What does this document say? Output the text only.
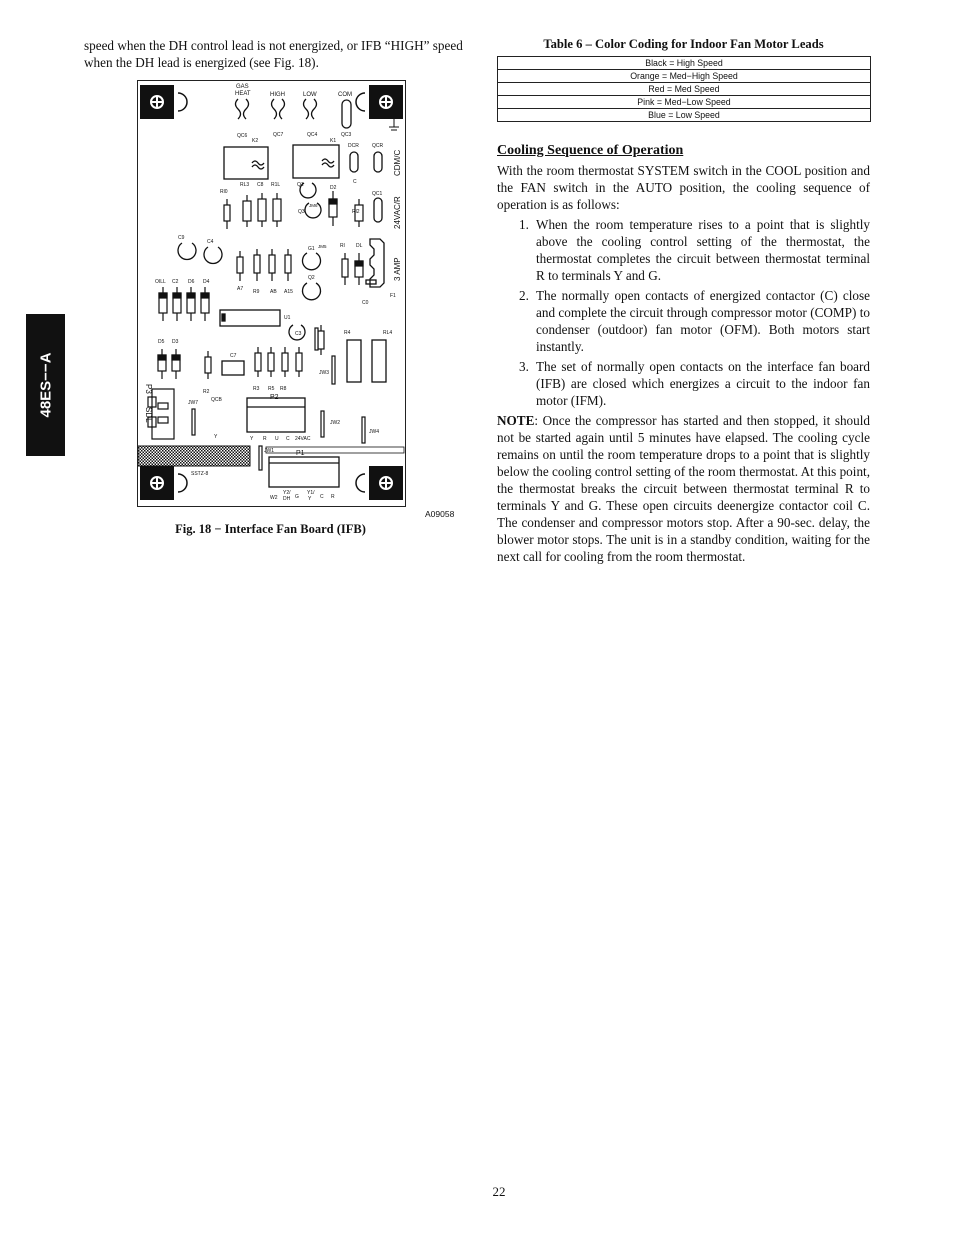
48ES−−A

speed when the DH control lead is not energized, or IFB “HIGH” speed when the DH lead is energized (see Fig. 18).

GAS
HEAT	HIGH	LOW	COM
QC6	QC7	QC4	QC3
K2	K1
DCR	QCR
C
Rl0
RL3 C8 R1L	Q1	D2
QC1
Q3
JM6
Rl2
C9
C4
G1 JM5	Rl DL
Q2
OILL C2 D6 D4
A7 R9 AB A15
F1
C0
U1
C3	R4	RL4
D5 D3
C7
JW3
R2	R3 R5 R8
JW7	QCB	P2
JW2
JW4
Y	Y R U C 24VAC
JW1	P1
SSTZ-8
W2
Y2/
DH G
Y1/
Y C R
CDM/C
24VAC/R
3 AMP
P3
SDL
A09058
Fig. 18 − Interface Fan Board (IFB)
Table 6 – Color Coding for Indoor Fan Motor Leads
Black = High Speed
Orange = Med−High Speed
Red = Med Speed
Pink = Med−Low Speed
Blue = Low Speed
Cooling Sequence of Operation

With the room thermostat SYSTEM switch in the COOL position and the FAN switch in the AUTO position, the cooling sequence of operation is as follows:

1. When the room temperature rises to a point that is slightly above the cooling control setting of the thermostat, the thermostat completes the circuit between thermostat terminal R to terminals Y and G.
2. The normally open contacts of energized contactor (C) close and complete the circuit through compressor motor (COMP) to condenser (outdoor) fan motor (OFM). Both motors start instantly.
3. The set of normally open contacts on the interface fan board (IFB) are closed which energizes a circuit to the indoor fan motor (IFM).

NOTE: Once the compressor has started and then stopped, it should not be started again until 5 minutes have elapsed. The cooling cycle remains on until the room temperature drops to a point that is slightly below the cooling control setting of the room thermostat. At this point, the thermostat breaks the circuit between thermostat terminal R to terminals Y and G. These open circuits deenergize contactor coil C. The condenser and compressor motors stop. After a 90-sec. delay, the blower motor stops. The unit is in a standby condition, waiting for the next call for cooling from the room thermostat.

22
